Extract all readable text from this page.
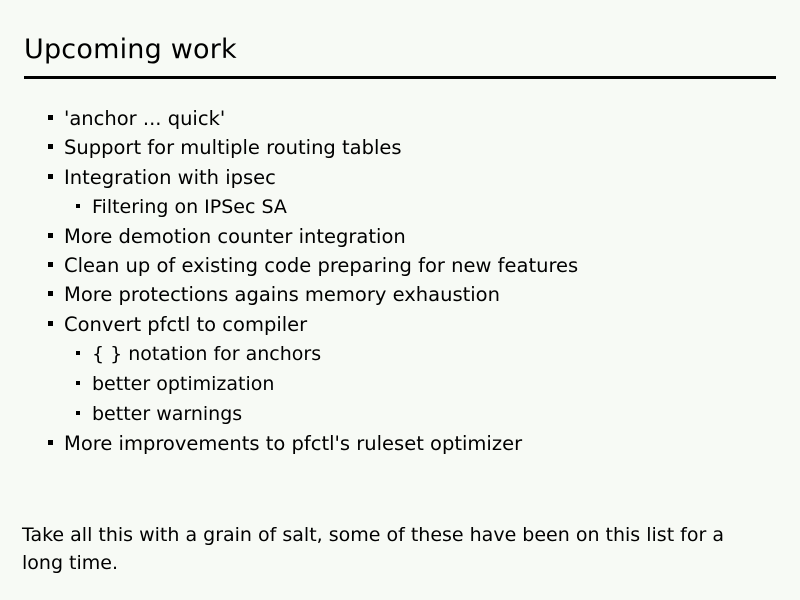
Upcoming work
'anchor ... quick'
Support for multiple routing tables
Integration with ipsec
Filtering on IPSec SA
More demotion counter integration
Clean up of existing code preparing for new features
More protections agains memory exhaustion
Convert pfctl to compiler
{ } notation for anchors
better optimization
better warnings
More improvements to pfctl's ruleset optimizer
Take all this with a grain of salt, some of these have been on this list for a long time.
